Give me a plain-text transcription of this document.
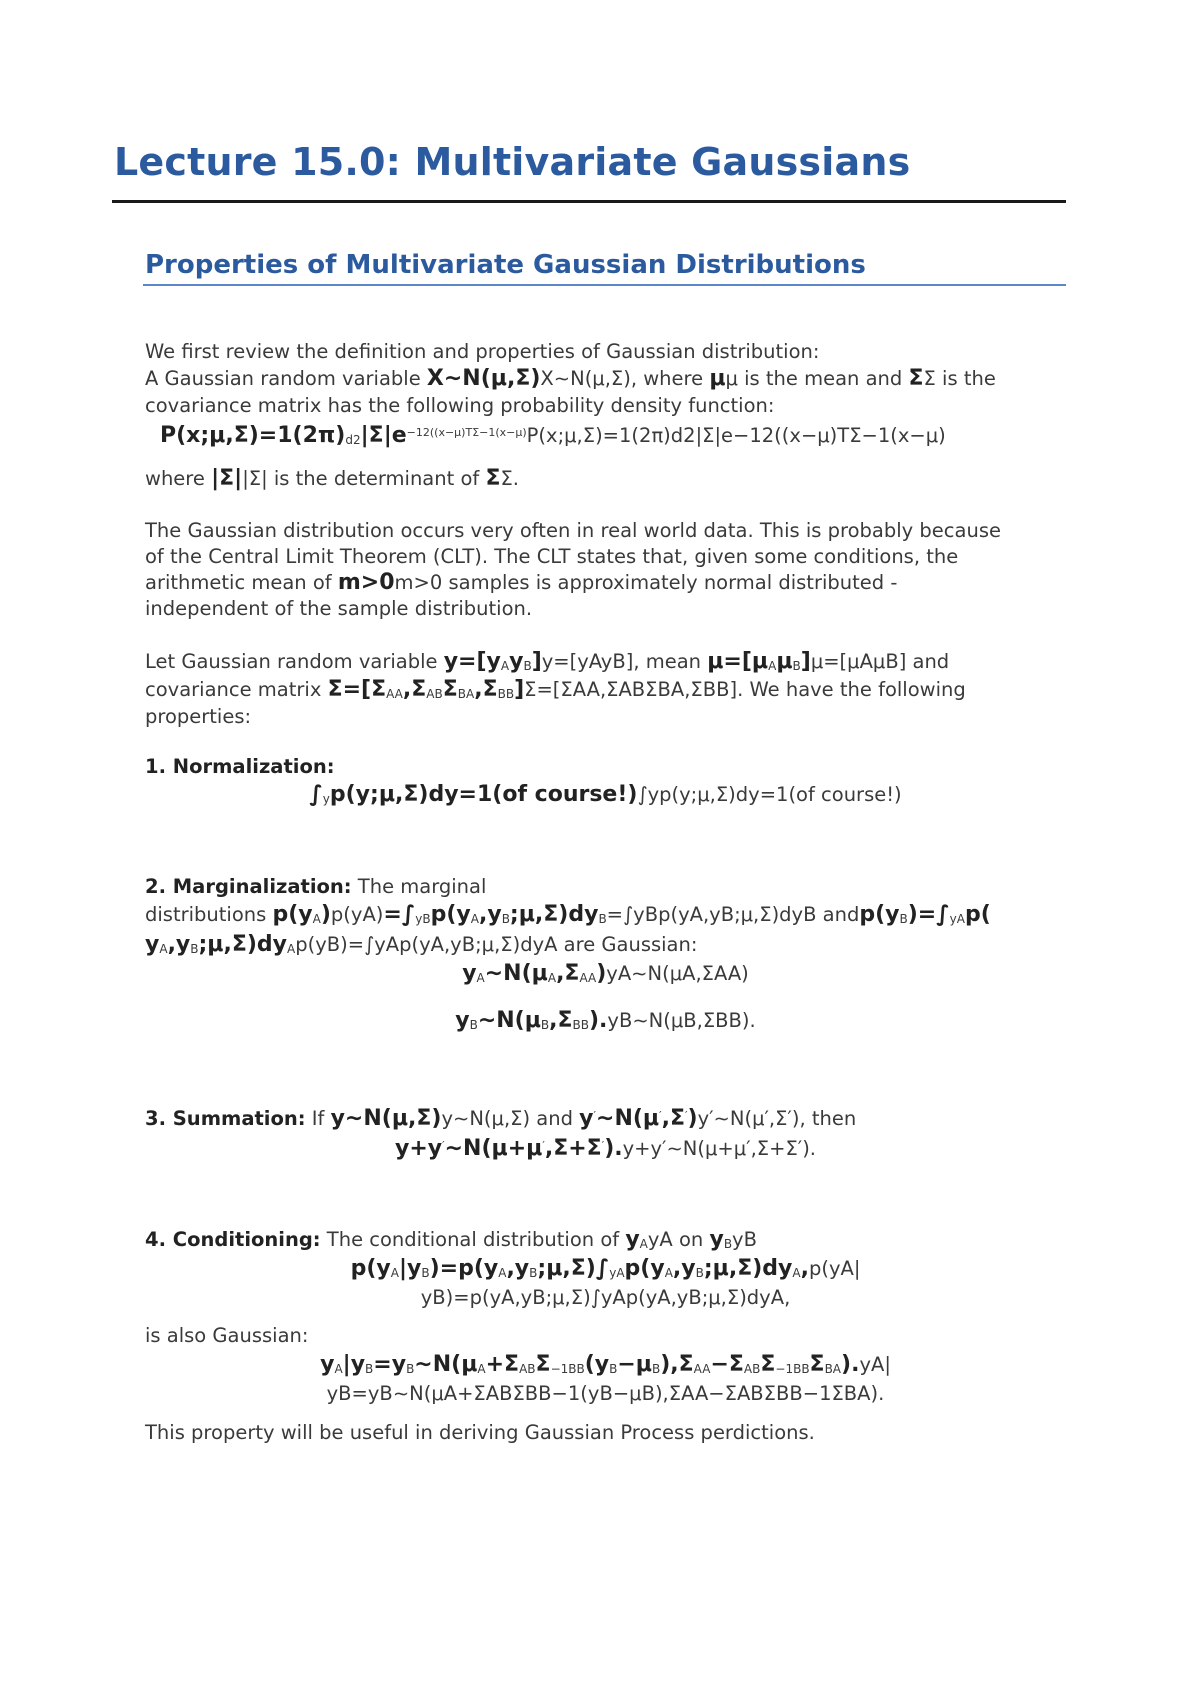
Lecture 15.0: Multivariate Gaussians
Properties of Multivariate Gaussian Distributions
We first review the definition and properties of Gaussian distribution:
A Gaussian random variable X∼N(μ,Σ)X∼N(μ,Σ), where μμ is the mean and ΣΣ is the
covariance matrix has the following probability density function:
$P(x;\mu,\Sigma)=1(2\pi)d2|\Sigma|e^{-12((x-\mu)T\Sigma-1(x-\mu)}P(x;\mu,\Sigma)=1(2\pi)d2|\Sigma|e-12((x-\mu)T\Sigma-1(x-\mu)$
where |Σ||Σ| is the determinant of ΣΣ.
The Gaussian distribution occurs very often in real world data. This is probably because
of the Central Limit Theorem (CLT). The CLT states that, given some conditions, the
arithmetic mean of m>0m>0 samples is approximately normal distributed -
independent of the sample distribution.
Let Gaussian random variable y=[yAyB]y=[yAyB], mean μ=[μAμB]μ=[μAμB] and
covariance matrix Σ=[ΣAA,ΣABΣBA,ΣBB]Σ=[ΣAA,ΣABΣBA,ΣBB]. We have the following
properties:
1. Normalization:
∫yp(y;μ,Σ)dy=1(of course!)∫yp(y;μ,Σ)dy=1(of course!)
2. Marginalization: The marginal
distributions p(yA)p(yA)=∫yBp(yA,yB;μ,Σ)dyB=∫yBp(yA,yB;μ,Σ)dyB andp(yB)=∫yAp(
yA,yB;μ,Σ)dyAp(yB)=∫yAp(yA,yB;μ,Σ)dyA are Gaussian:
yA∼N(μA,ΣAA)yA∼N(μA,ΣAA)
yB∼N(μB,ΣBB).yB∼N(μB,ΣBB).
3. Summation: If y∼N(μ,Σ)y∼N(μ,Σ) and y′∼N(μ′,Σ′)y′∼N(μ′,Σ′), then
y+y′∼N(μ+μ′,Σ+Σ′).y+y′∼N(μ+μ′,Σ+Σ′).
4. Conditioning: The conditional distribution of yAyA on yByB
p(yA|yB)=p(yA,yB;μ,Σ)∫yAp(yA,yB;μ,Σ)dyA,p(yA|
yB)=p(yA,yB;μ,Σ)∫yAp(yA,yB;μ,Σ)dyA,
is also Gaussian:
yA|yB=yB∼N(μA+ΣABΣ−1BB(yB−μB),ΣAA−ΣABΣ−1BBΣBA).yA|
yB=yB∼N(μA+ΣABΣBB−1(yB−μB),ΣAA−ΣABΣBB−1ΣBA).
This property will be useful in deriving Gaussian Process perdictions.
